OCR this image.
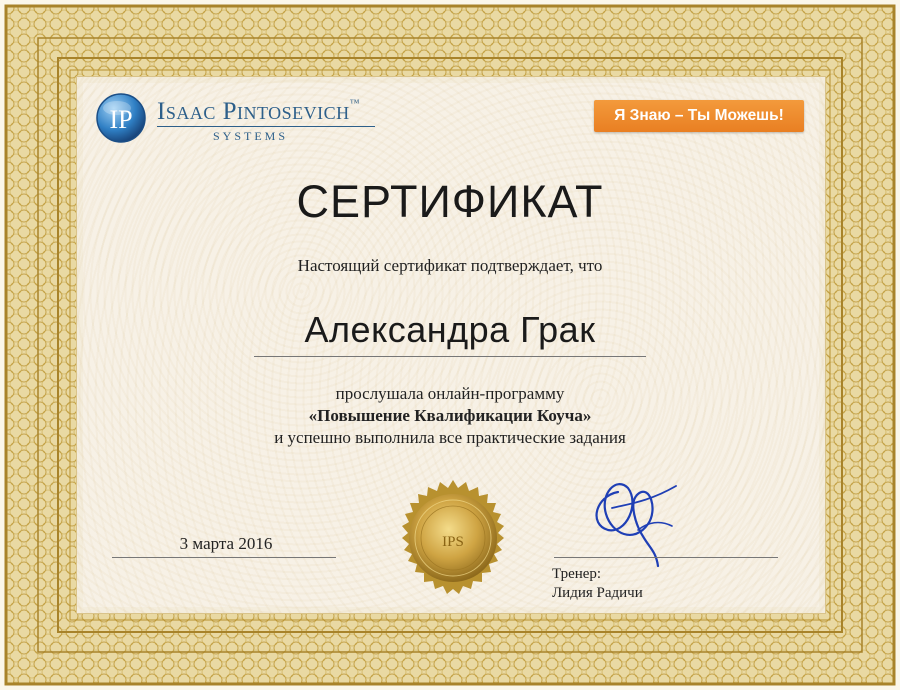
IP Isaac Pintosevich™
SYSTEMS
Я Знаю – Ты Можешь!
СЕРТИФИКАТ
Настоящий сертификат подтверждает, что
Александра Грак
прослушала онлайн-программу
«Повышение Квалификации Коуча»
и успешно выполнила все практические задания
IPS
3 марта 2016
Тренер:
Лидия Радичи
